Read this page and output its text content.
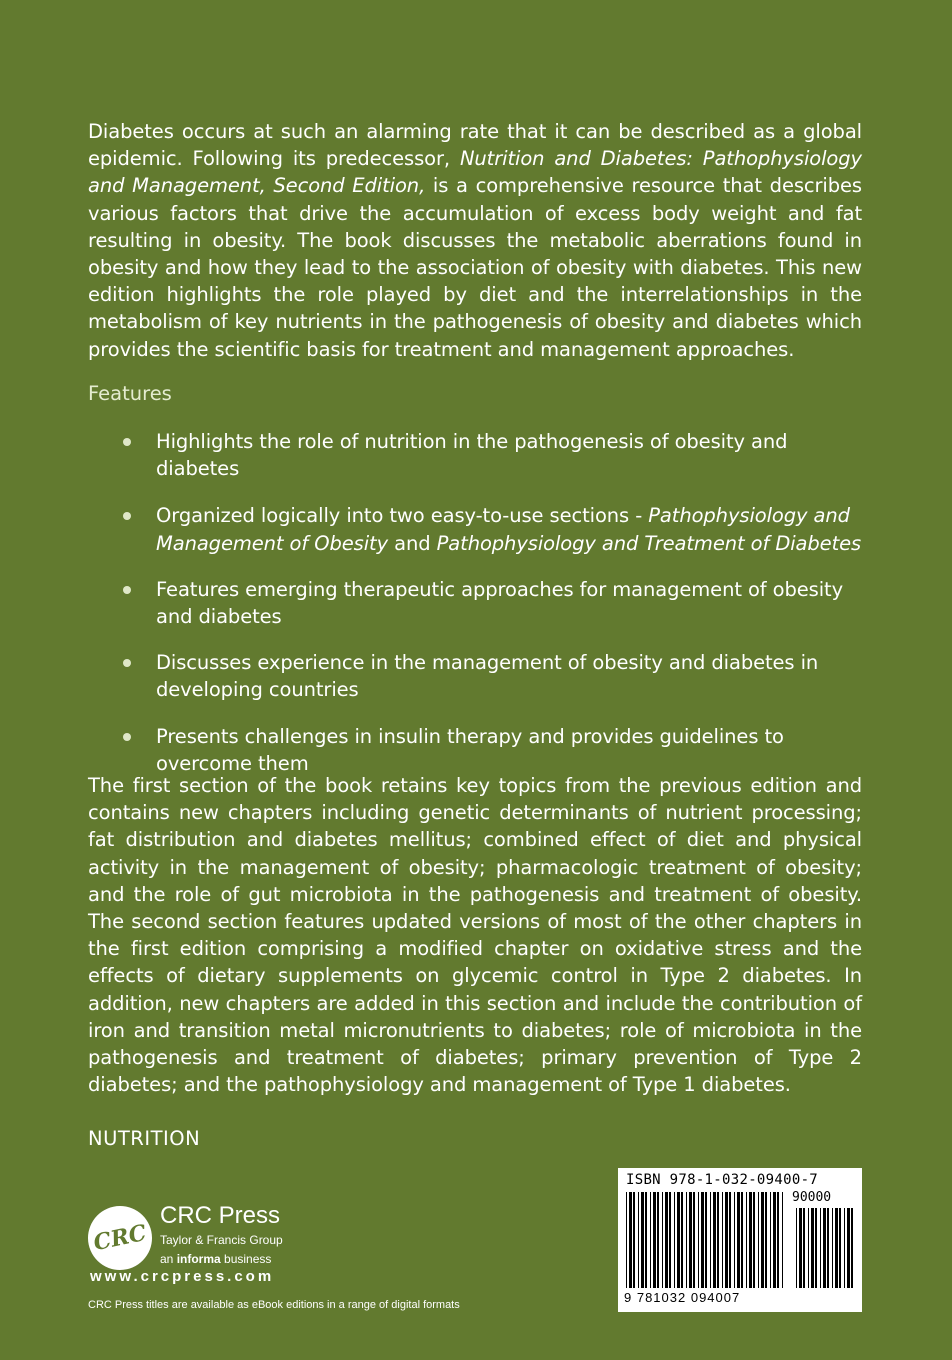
Diabetes occurs at such an alarming rate that it can be described as a global epidemic. Following its predecessor, Nutrition and Diabetes: Pathophysiology and Management, Second Edition, is a comprehensive resource that describes various factors that drive the accumulation of excess body weight and fat resulting in obesity. The book discusses the metabolic aberrations found in obesity and how they lead to the association of obesity with diabetes. This new edition highlights the role played by diet and the interrelationships in the metabolism of key nutrients in the pathogenesis of obesity and diabetes which provides the scientific basis for treatment and management approaches.
Features
Highlights the role of nutrition in the pathogenesis of obesity and diabetes
Organized logically into two easy-to-use sections - Pathophysiology and Management of Obesity and Pathophysiology and Treatment of Diabetes
Features emerging therapeutic approaches for management of obesity and diabetes
Discusses experience in the management of obesity and diabetes in developing countries
Presents challenges in insulin therapy and provides guidelines to overcome them
The first section of the book retains key topics from the previous edition and contains new chapters including genetic determinants of nutrient processing; fat distribution and diabetes mellitus; combined effect of diet and physical activity in the management of obesity; pharmacologic treatment of obesity; and the role of gut microbiota in the pathogenesis and treatment of obesity. The second section features updated versions of most of the other chapters in the first edition comprising a modified chapter on oxidative stress and the effects of dietary supplements on glycemic control in Type 2 diabetes. In addition, new chapters are added in this section and include the contribution of iron and transition metal micronutrients to diabetes; role of microbiota in the pathogenesis and treatment of diabetes; primary prevention of Type 2 diabetes; and the pathophysiology and management of Type 1 diabetes.
NUTRITION
CRC
CRC Press
Taylor & Francis Group
an informa business
www.crcpress.com
CRC Press titles are available as eBook editions in a range of digital formats
ISBN 978-1-032-09400-7
90000
9 781032 094007
